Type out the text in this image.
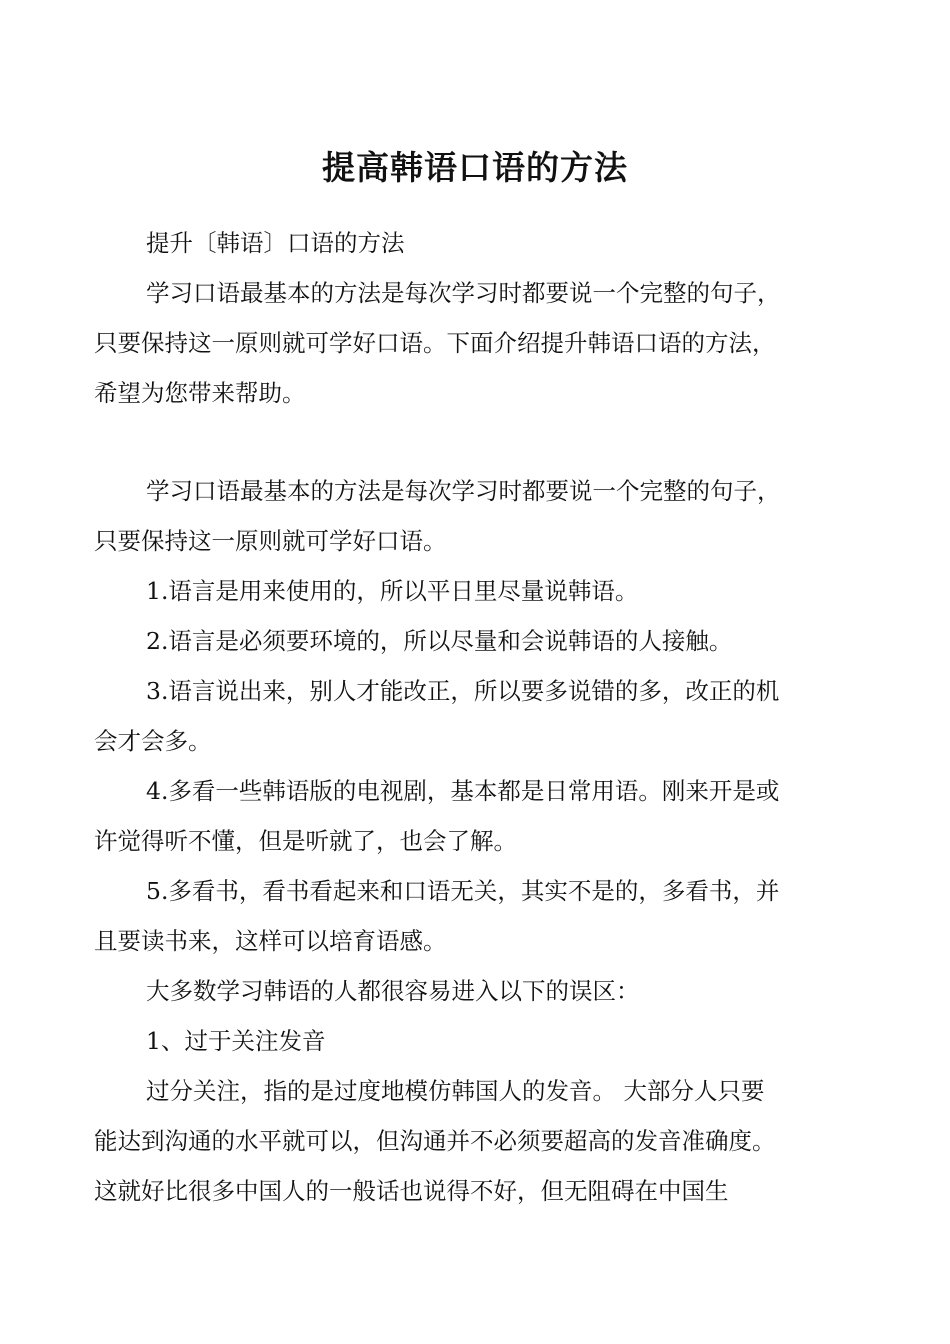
提高韩语口语的方法
提升〔韩语〕口语的方法
学习口语最基本的方法是每次学习时都要说一个完整的句子，
只要保持这一原则就可学好口语。下面介绍提升韩语口语的方法，
希望为您带来帮助。
学习口语最基本的方法是每次学习时都要说一个完整的句子，
只要保持这一原则就可学好口语。
1.语言是用来使用的，所以平日里尽量说韩语。
2.语言是必须要环境的，所以尽量和会说韩语的人接触。
3.语言说出来，别人才能改正，所以要多说错的多，改正的机
会才会多。
4.多看一些韩语版的电视剧，基本都是日常用语。刚来开是或
许觉得听不懂，但是听就了，也会了解。
5.多看书，看书看起来和口语无关，其实不是的，多看书，并
且要读书来，这样可以培育语感。
大多数学习韩语的人都很容易进入以下的误区：
1、过于关注发音
过分关注，指的是过度地模仿韩国人的发音。 大部分人只要
能达到沟通的水平就可以，但沟通并不必须要超高的发音准确度。
这就好比很多中国人的一般话也说得不好，但无阻碍在中国生
